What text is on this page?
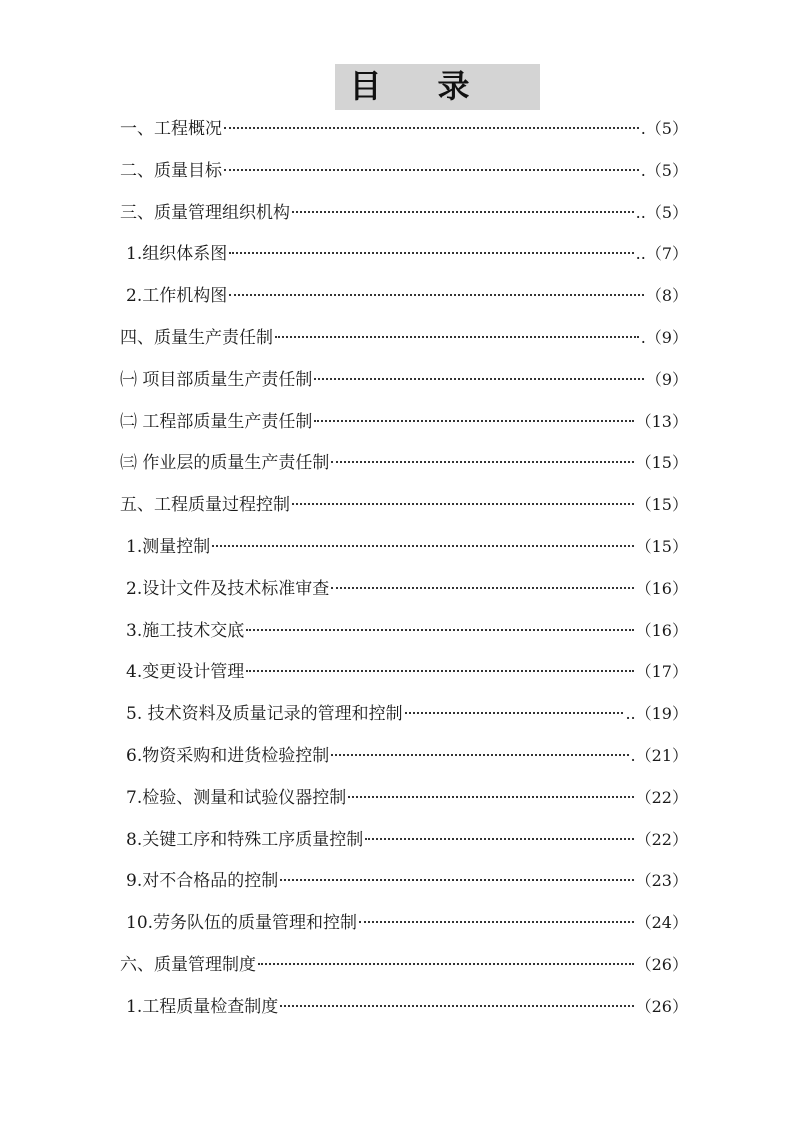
目录
一、工程概况	.（5）
二、质量目标	.（5）
三、质量管理组织机构	..（5）
1.组织体系图	..（7）
2.工作机构图	（8）
四、质量生产责任制	.（9）
㈠ 项目部质量生产责任制	（9）
㈡ 工程部质量生产责任制	（13）
㈢ 作业层的质量生产责任制	（15）
五、工程质量过程控制	（15）
1.测量控制	（15）
2.设计文件及技术标准审查	（16）
3.施工技术交底	（16）
4.变更设计管理	（17）
5. 技术资料及质量记录的管理和控制	..（19）
6.物资采购和进货检验控制	.（21）
7.检验、测量和试验仪器控制	（22）
8.关键工序和特殊工序质量控制	（22）
9.对不合格品的控制	（23）
10.劳务队伍的质量管理和控制	（24）
六、质量管理制度	（26）
1.工程质量检查制度	（26）
